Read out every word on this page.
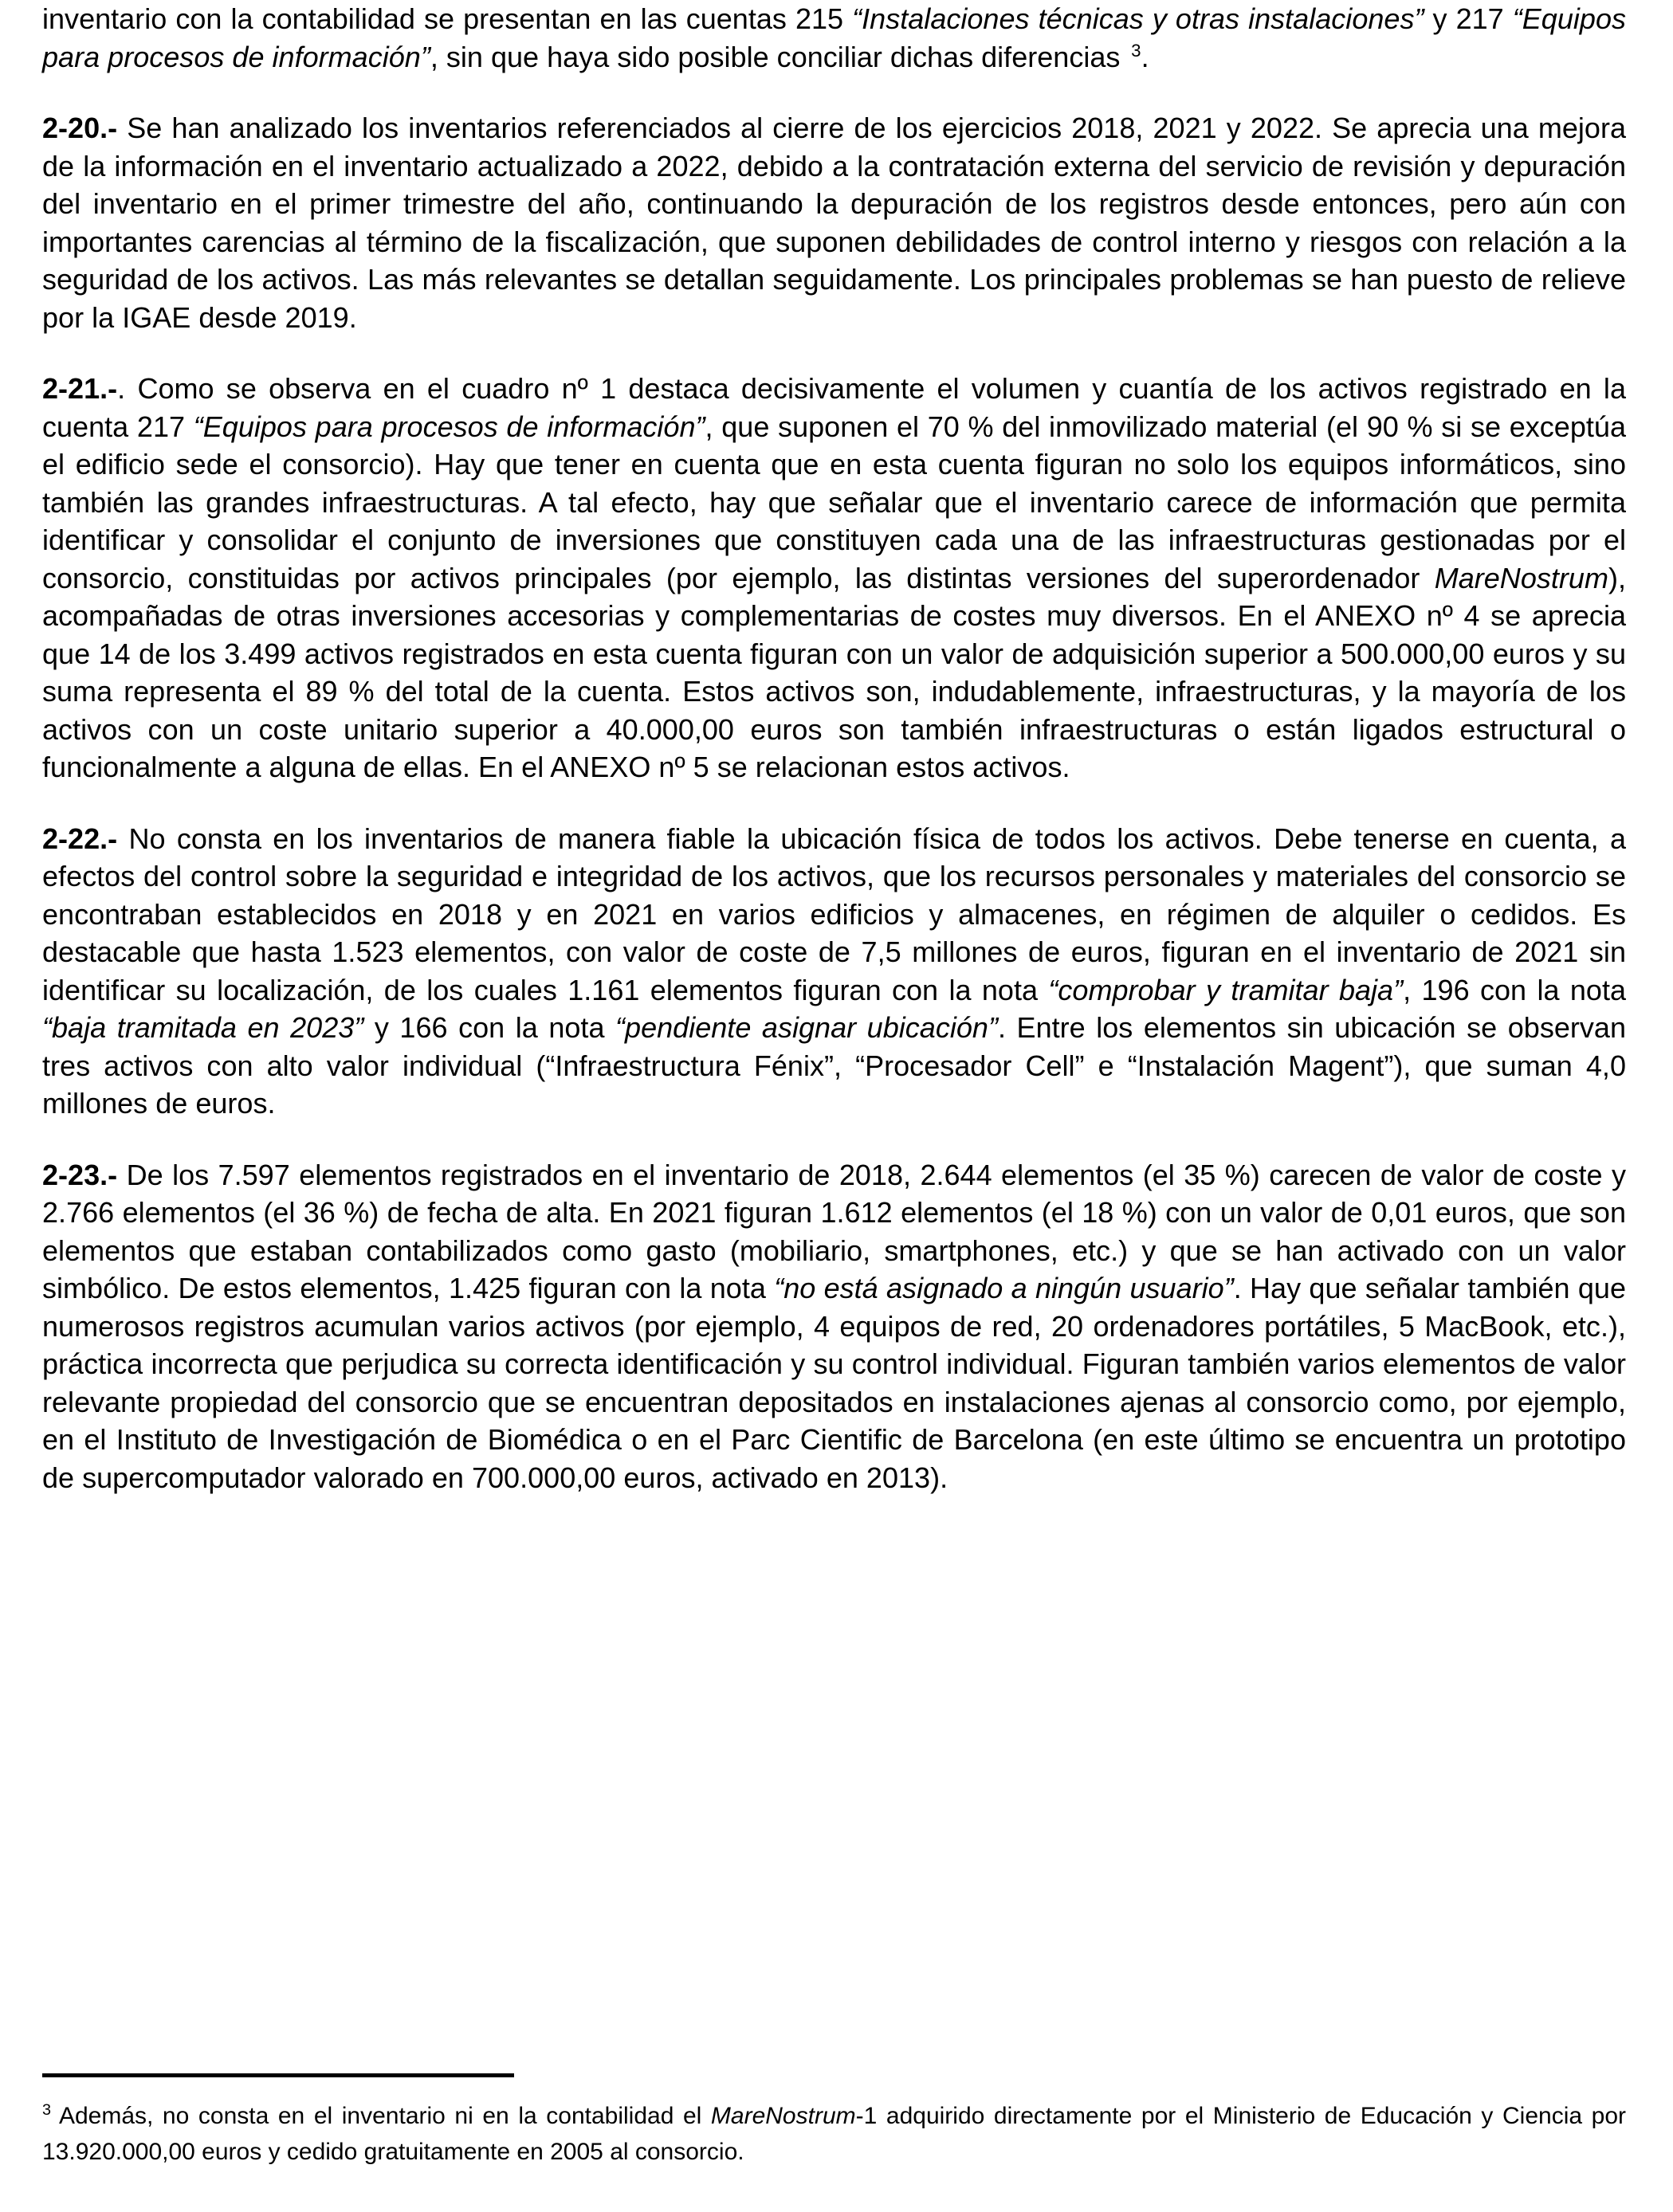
inventario con la contabilidad se presentan en las cuentas 215 “Instalaciones técnicas y otras instalaciones” y 217 “Equipos para procesos de información”, sin que haya sido posible conciliar dichas diferencias  $^3$.

2-20.- Se han analizado los inventarios referenciados al cierre de los ejercicios 2018, 2021 y 2022. Se aprecia una mejora de la información en el inventario actualizado a 2022, debido a la contratación externa del servicio de revisión y depuración del inventario en el primer trimestre del año, continuando la depuración de los registros desde entonces, pero aún con importantes carencias al término de la fiscalización, que suponen debilidades de control interno y riesgos con relación a la seguridad de los activos. Las más relevantes se detallan seguidamente. Los principales problemas se han puesto de relieve por la IGAE desde 2019.

2-21.-. Como se observa en el cuadro nº 1 destaca decisivamente el volumen y cuantía de los activos registrado en la cuenta 217 “Equipos para procesos de información”, que suponen el 70 % del inmovilizado material (el 90 % si se exceptúa el edificio sede el consorcio). Hay que tener en cuenta que en esta cuenta figuran no solo los equipos informáticos, sino también las grandes infraestructuras. A tal efecto, hay que señalar que el inventario carece de información que permita identificar y consolidar el conjunto de inversiones que constituyen cada una de las infraestructuras gestionadas por el consorcio, constituidas por activos principales (por ejemplo, las distintas versiones del superordenador MareNostrum), acompañadas de otras inversiones accesorias y complementarias de costes muy diversos. En el ANEXO nº 4 se aprecia que 14 de los 3.499 activos registrados en esta cuenta figuran con un valor de adquisición superior a 500.000,00 euros y su suma representa el 89 % del total de la cuenta. Estos activos son, indudablemente, infraestructuras, y la mayoría de los activos con un coste unitario superior a 40.000,00 euros son también infraestructuras o están ligados estructural o funcionalmente a alguna de ellas. En el ANEXO nº 5 se relacionan estos activos.

2-22.- No consta en los inventarios de manera fiable la ubicación física de todos los activos. Debe tenerse en cuenta, a efectos del control sobre la seguridad e integridad de los activos, que los recursos personales y materiales del consorcio se encontraban establecidos en 2018 y en 2021 en varios edificios y almacenes, en régimen de alquiler o cedidos. Es destacable que hasta 1.523 elementos, con valor de coste de 7,5 millones de euros, figuran en el inventario de 2021 sin identificar su localización, de los cuales 1.161 elementos figuran con la nota “comprobar y tramitar baja”, 196 con la nota “baja tramitada en 2023” y 166 con la nota “pendiente asignar ubicación”. Entre los elementos sin ubicación se observan tres activos con alto valor individual (“Infraestructura Fénix”, “Procesador Cell” e “Instalación Magent”), que suman 4,0 millones de euros.

2-23.- De los 7.597 elementos registrados en el inventario de 2018, 2.644 elementos (el 35 %) carecen de valor de coste y 2.766 elementos (el 36 %) de fecha de alta. En 2021 figuran 1.612 elementos (el 18 %) con un valor de 0,01 euros, que son elementos que estaban contabilizados como gasto (mobiliario, smartphones, etc.) y que se han activado con un valor simbólico. De estos elementos, 1.425 figuran con la nota “no está asignado a ningún usuario”. Hay que señalar también que numerosos registros acumulan varios activos (por ejemplo, 4 equipos de red, 20 ordenadores portátiles, 5 MacBook, etc.), práctica incorrecta que perjudica su correcta identificación y su control individual. Figuran también varios elementos de valor relevante propiedad del consorcio que se encuentran depositados en instalaciones ajenas al consorcio como, por ejemplo, en el Instituto de Investigación de Biomédica o en el Parc Cientific de Barcelona (en este último se encuentra un prototipo de supercomputador valorado en 700.000,00 euros, activado en 2013).

$^3$ Además, no consta en el inventario ni en la contabilidad el MareNostrum-1 adquirido directamente por el Ministerio de Educación y Ciencia por 13.920.000,00 euros y cedido gratuitamente en 2005 al consorcio.
